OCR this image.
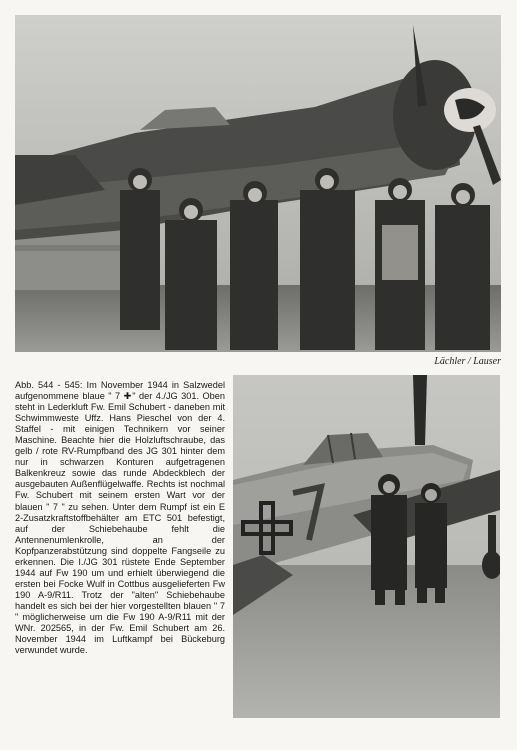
Lächler / Lauser

Abb. 544 - 545: Im November 1944 in Salzwedel aufgenommene blaue " 7 ✚" der 4./JG 301. Oben steht in Lederkluft Fw. Emil Schubert - daneben mit Schwimmweste Uffz. Hans Pieschel von der 4. Staffel - mit einigen Technikern vor seiner Maschine. Beachte hier die Holzluftschraube, das gelb / rote RV-Rumpfband des JG 301 hinter dem nur in schwarzen Konturen aufgetragenen Balkenkreuz sowie das runde Abdeckblech der ausgebauten Außenflügelwaffe. Rechts ist nochmal Fw. Schubert mit seinem ersten Wart vor der blauen " 7 " zu sehen. Unter dem Rumpf ist ein E 2-Zusatzkraftstoffbehälter am ETC 501 befestigt, auf der Schiebehaube fehlt die Antennenumlenkrolle, an der Kopfpanzerabstützung sind doppelte Fangseile zu erkennen. Die I./JG 301 rüstete Ende September 1944 auf Fw 190 um und erhielt überwiegend die ersten bei Focke Wulf in Cottbus ausgelieferten Fw 190 A-9/R11. Trotz der "alten" Schiebehaube handelt es sich bei der hier vorgestellten blauen " 7 " möglicherweise um die Fw 190 A-9/R11 mit der WNr. 202565, in der Fw. Emil Schubert am 26. November 1944 im Luftkampf bei Bückeburg verwundet wurde.
